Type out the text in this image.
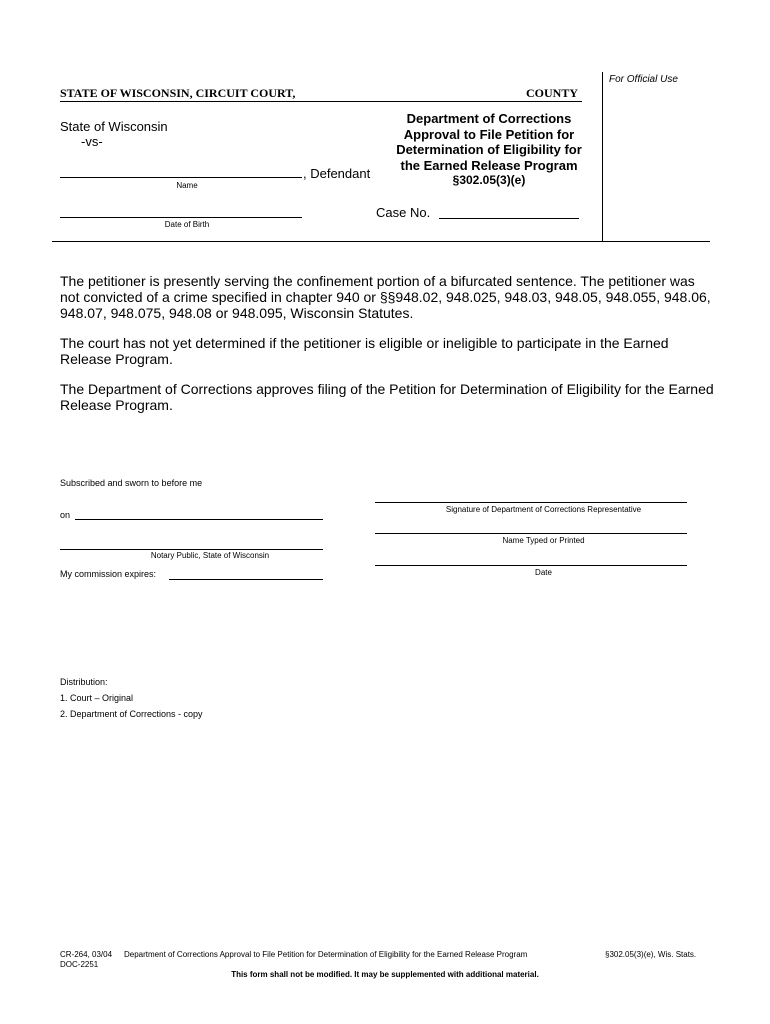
STATE OF WISCONSIN, CIRCUIT COURT,	COUNTY
For Official Use
State of Wisconsin
-vs-
, Defendant
Name
Date of Birth
Department of Corrections
Approval to File Petition for
Determination of Eligibility for
the Earned Release Program
§302.05(3)(e)
Case No.
The petitioner is presently serving the confinement portion of a bifurcated sentence. The petitioner was not convicted of a crime specified in chapter 940 or §§948.02, 948.025, 948.03, 948.05, 948.055, 948.06, 948.07, 948.075, 948.08 or 948.095, Wisconsin Statutes.
The court has not yet determined if the petitioner is eligible or ineligible to participate in the Earned Release Program.
The Department of Corrections approves filing of the Petition for Determination of Eligibility for the Earned Release Program.
Subscribed and sworn to before me
on
Notary Public, State of Wisconsin
My commission expires:
Signature of Department of Corrections Representative
Name Typed or Printed
Date
Distribution:
1. Court – Original
2. Department of Corrections - copy
CR-264, 03/04 Department of Corrections Approval to File Petition for Determination of Eligibility for the Earned Release Program	§302.05(3)(e), Wis. Stats.
DOC-2251
This form shall not be modified. It may be supplemented with additional material.
